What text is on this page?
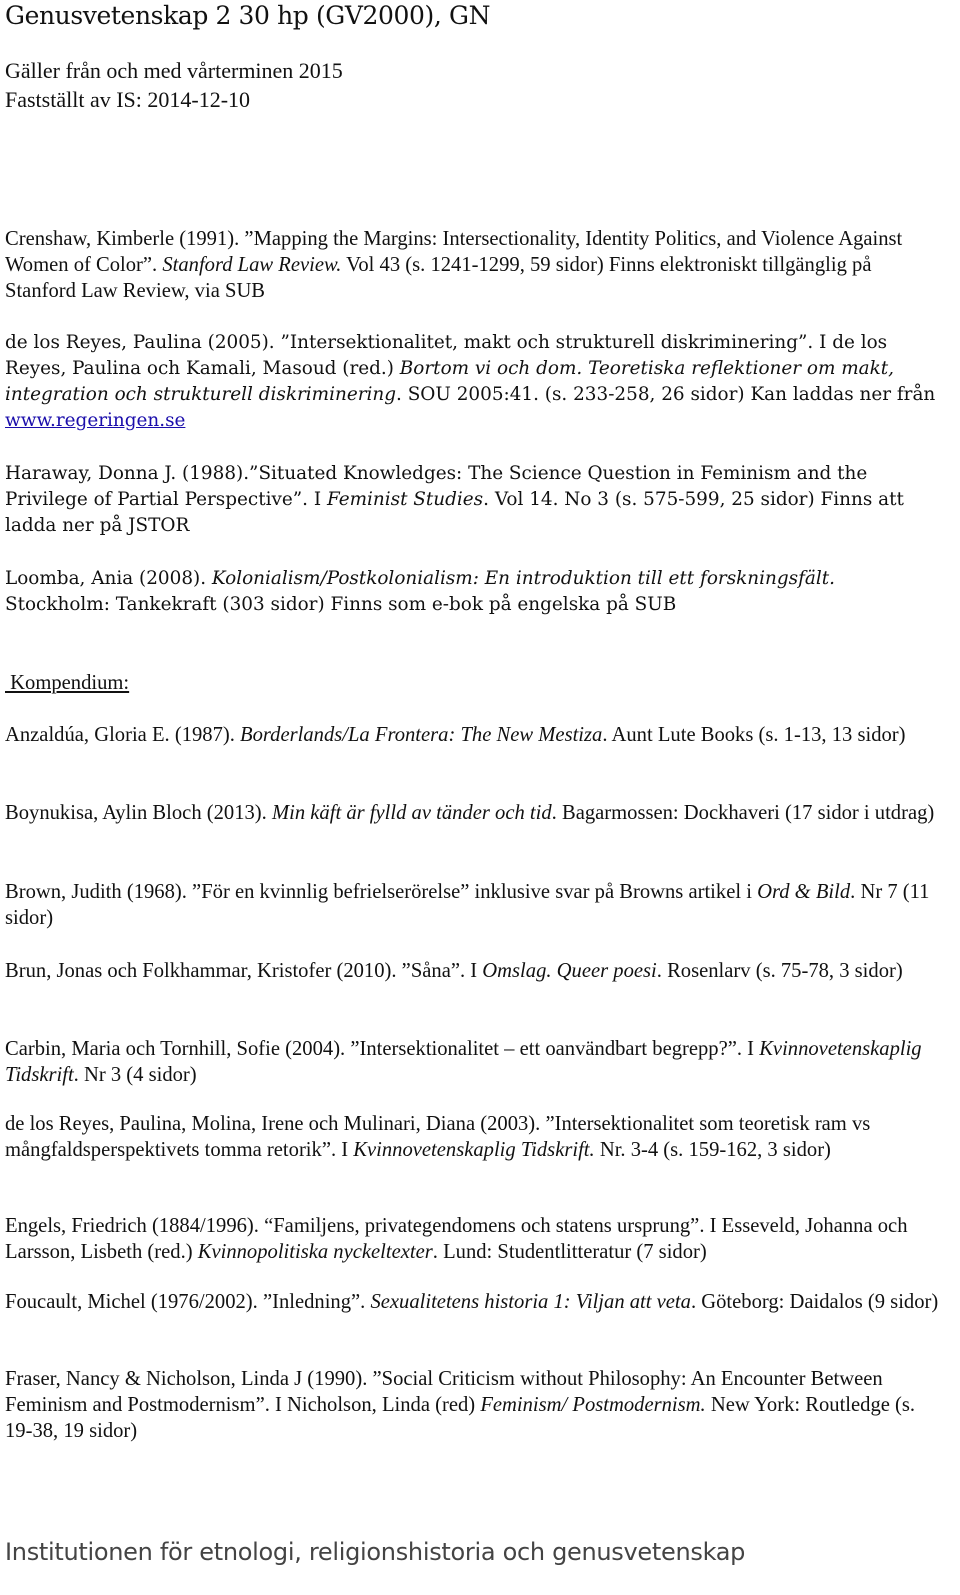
Genusvetenskap 2 30 hp (GV2000), GN
Gäller från och med vårterminen 2015
Fastställt av IS: 2014-12-10
Crenshaw, Kimberle (1991). ”Mapping the Margins: Intersectionality, Identity Politics, and Violence Against Women of Color”. Stanford Law Review. Vol 43 (s. 1241-1299, 59 sidor) Finns elektroniskt tillgänglig på Stanford Law Review, via SUB
de los Reyes, Paulina (2005). ”Intersektionalitet, makt och strukturell diskriminering”. I de los Reyes, Paulina och Kamali, Masoud (red.) Bortom vi och dom. Teoretiska reflektioner om makt, integration och strukturell diskriminering. SOU 2005:41. (s. 233-258, 26 sidor) Kan laddas ner från www.regeringen.se
Haraway, Donna J. (1988).”Situated Knowledges: The Science Question in Feminism and the Privilege of Partial Perspective”. I Feminist Studies. Vol 14. No 3 (s. 575-599, 25 sidor) Finns att ladda ner på JSTOR
Loomba, Ania (2008). Kolonialism/Postkolonialism: En introduktion till ett forskningsfält. Stockholm: Tankekraft (303 sidor) Finns som e-bok på engelska på SUB
Kompendium:
Anzaldúa, Gloria E. (1987). Borderlands/La Frontera: The New Mestiza. Aunt Lute Books (s. 1-13, 13 sidor)
Boynukisa, Aylin Bloch (2013). Min käft är fylld av tänder och tid. Bagarmossen: Dockhaveri (17 sidor i utdrag)
Brown, Judith (1968). ”För en kvinnlig befrielserörelse” inklusive svar på Browns artikel i Ord & Bild. Nr 7 (11 sidor)
Brun, Jonas och Folkhammar, Kristofer (2010). ”Såna”. I Omslag. Queer poesi. Rosenlarv (s. 75-78, 3 sidor)
Carbin, Maria och Tornhill, Sofie (2004). ”Intersektionalitet – ett oanvändbart begrepp?”. I Kvinnovetenskaplig Tidskrift. Nr 3 (4 sidor)
de los Reyes, Paulina, Molina, Irene och Mulinari, Diana (2003). ”Intersektionalitet som teoretisk ram vs mångfaldsperspektivets tomma retorik”. I Kvinnovetenskaplig Tidskrift. Nr. 3-4 (s. 159-162, 3 sidor)
Engels, Friedrich (1884/1996). “Familjens, privategendomens och statens ursprung”. I Esseveld, Johanna och Larsson, Lisbeth (red.) Kvinnopolitiska nyckeltexter. Lund: Studentlitteratur (7 sidor)
Foucault, Michel (1976/2002). ”Inledning”. Sexualitetens historia 1: Viljan att veta. Göteborg: Daidalos (9 sidor)
Fraser, Nancy & Nicholson, Linda J (1990). ”Social Criticism without Philosophy: An Encounter Between Feminism and Postmodernism”. I Nicholson, Linda (red) Feminism/ Postmodernism. New York: Routledge (s. 19-38, 19 sidor)
Institutionen för etnologi, religionshistoria och genusvetenskap
